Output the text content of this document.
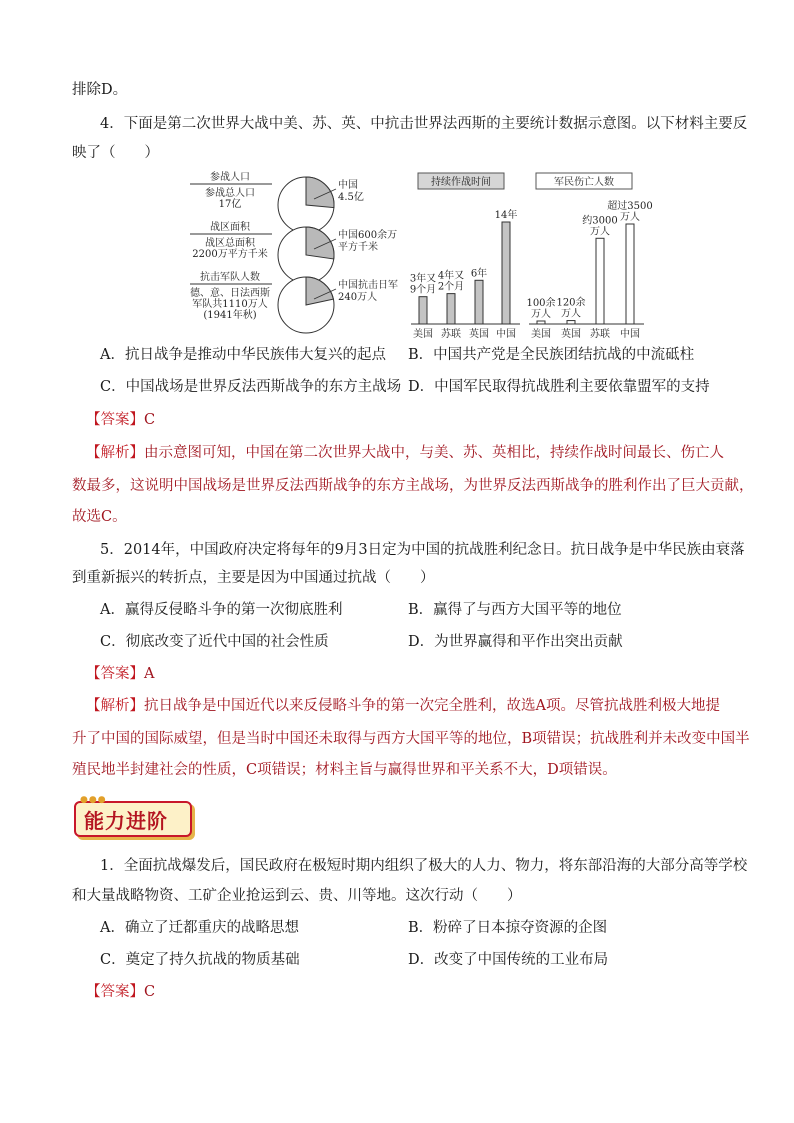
排除D。
4．下面是第二次世界大战中美、苏、英、中抗击世界法西斯的主要统计数据示意图。以下材料主要反
映了（　　）
参战人口
参战总人口
17亿
中国
4.5亿
战区面积
战区总面积
2200万平方千米
中国600余万
平方千米
抗击军队人数
德、意、日法西斯
军队共1110万人
(1941年秋)
中国抗击日军
240万人
持续作战时间
3年又
9个月
美国
4年又
2个月
苏联
6年
英国
14年
中国
军民伤亡人数
100余
万人
美国
120余
万人
英国
约3000
万人
苏联
超过3500
万人
中国
A．抗日战争是推动中华民族伟大复兴的起点 B．中国共产党是全民族团结抗战的中流砥柱
C．中国战场是世界反法西斯战争的东方主战场 D．中国军民取得抗战胜利主要依靠盟军的支持
【答案】C
【解析】由示意图可知，中国在第二次世界大战中，与美、苏、英相比，持续作战时间最长、伤亡人
数最多，这说明中国战场是世界反法西斯战争的东方主战场，为世界反法西斯战争的胜利作出了巨大贡献，
故选C。
5．2014年，中国政府决定将每年的9月3日定为中国的抗战胜利纪念日。抗日战争是中华民族由衰落
到重新振兴的转折点，主要是因为中国通过抗战（　　）
A．赢得反侵略斗争的第一次彻底胜利	B．赢得了与西方大国平等的地位
C．彻底改变了近代中国的社会性质	D．为世界赢得和平作出突出贡献
【答案】A
【解析】抗日战争是中国近代以来反侵略斗争的第一次完全胜利，故选A项。尽管抗战胜利极大地提
升了中国的国际威望，但是当时中国还未取得与西方大国平等的地位，B项错误；抗战胜利并未改变中国半
殖民地半封建社会的性质，C项错误；材料主旨与赢得世界和平关系不大，D项错误。
●●●
能力进阶
1．全面抗战爆发后，国民政府在极短时期内组织了极大的人力、物力，将东部沿海的大部分高等学校
和大量战略物资、工矿企业抢运到云、贵、川等地。这次行动（　　）
A．确立了迁都重庆的战略思想	B．粉碎了日本掠夺资源的企图
C．奠定了持久抗战的物质基础	D．改变了中国传统的工业布局
【答案】C
